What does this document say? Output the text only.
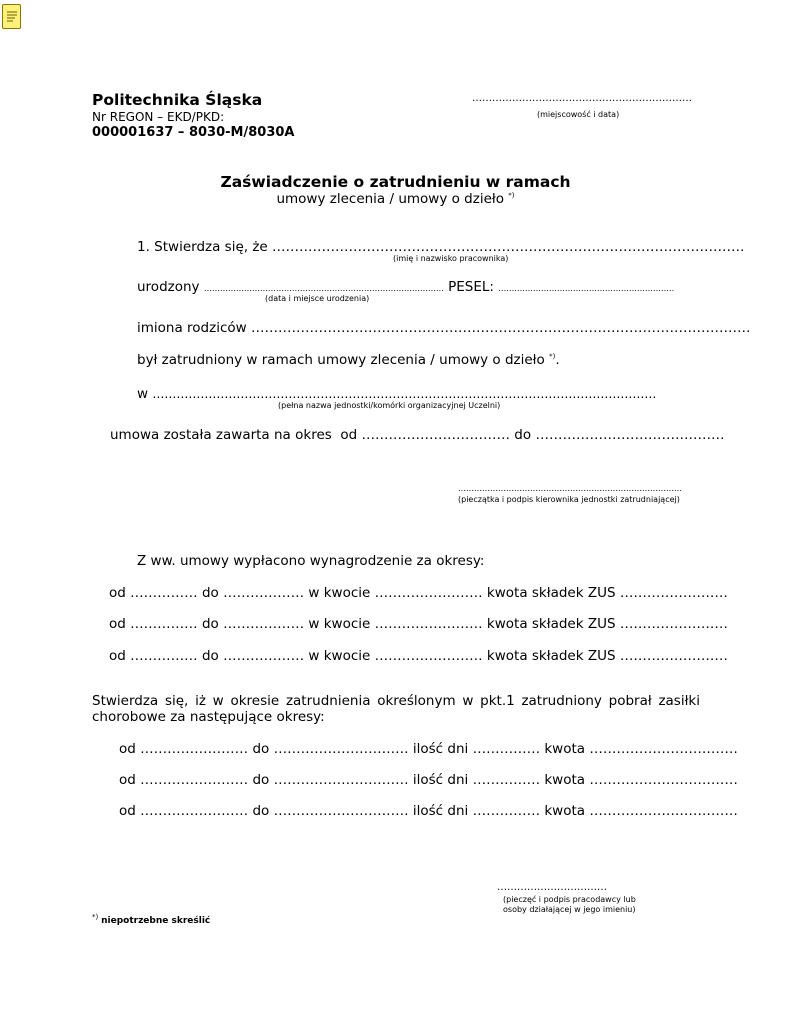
Politechnika Śląska
Nr REGON – EKD/PKD:
000001637 – 8030-M/8030A
…………………………………………………………
(miejscowość i data)
Zaświadczenie o zatrudnieniu w ramach
umowy zlecenia / umowy o dzieło *)
1. Stwierdza się, że ……………………………………………………………………………………………
(imię i nazwisko pracownika)
urodzony ……………………………………………………………………………… PESEL: …………………………………………………………
(data i miejsce urodzenia)
imiona rodziców …………………………………………………………………………………………………
był zatrudniony w ramach umowy zlecenia / umowy o dzieło *).
w ………………………………………………………………………………………………………………
(pełna nazwa jednostki/komórki organizacyjnej Uczelni)
umowa została zawarta na okres  od …………………………… do ……………………………………
…………………………………………………………………………
(pieczątka i podpis kierownika jednostki zatrudniającej)
Z ww. umowy wypłacono wynagrodzenie za okresy:
od …………… do ……………… w kwocie …………………… kwota składek ZUS ……………………
od …………… do ……………… w kwocie …………………… kwota składek ZUS ……………………
od …………… do ……………… w kwocie …………………… kwota składek ZUS ……………………
Stwierdza się, iż w okresie zatrudnienia określonym w pkt.1 zatrudniony pobrał zasiłki chorobowe za następujące okresy:
od …………………… do ………………………… ilość dni …………… kwota ……………………………
od …………………… do ………………………… ilość dni …………… kwota ……………………………
od …………………… do ………………………… ilość dni …………… kwota ……………………………
……………………………
(pieczęć i podpis pracodawcy lub
osoby działającej w jego imieniu)
*) niepotrzebne skreślić
